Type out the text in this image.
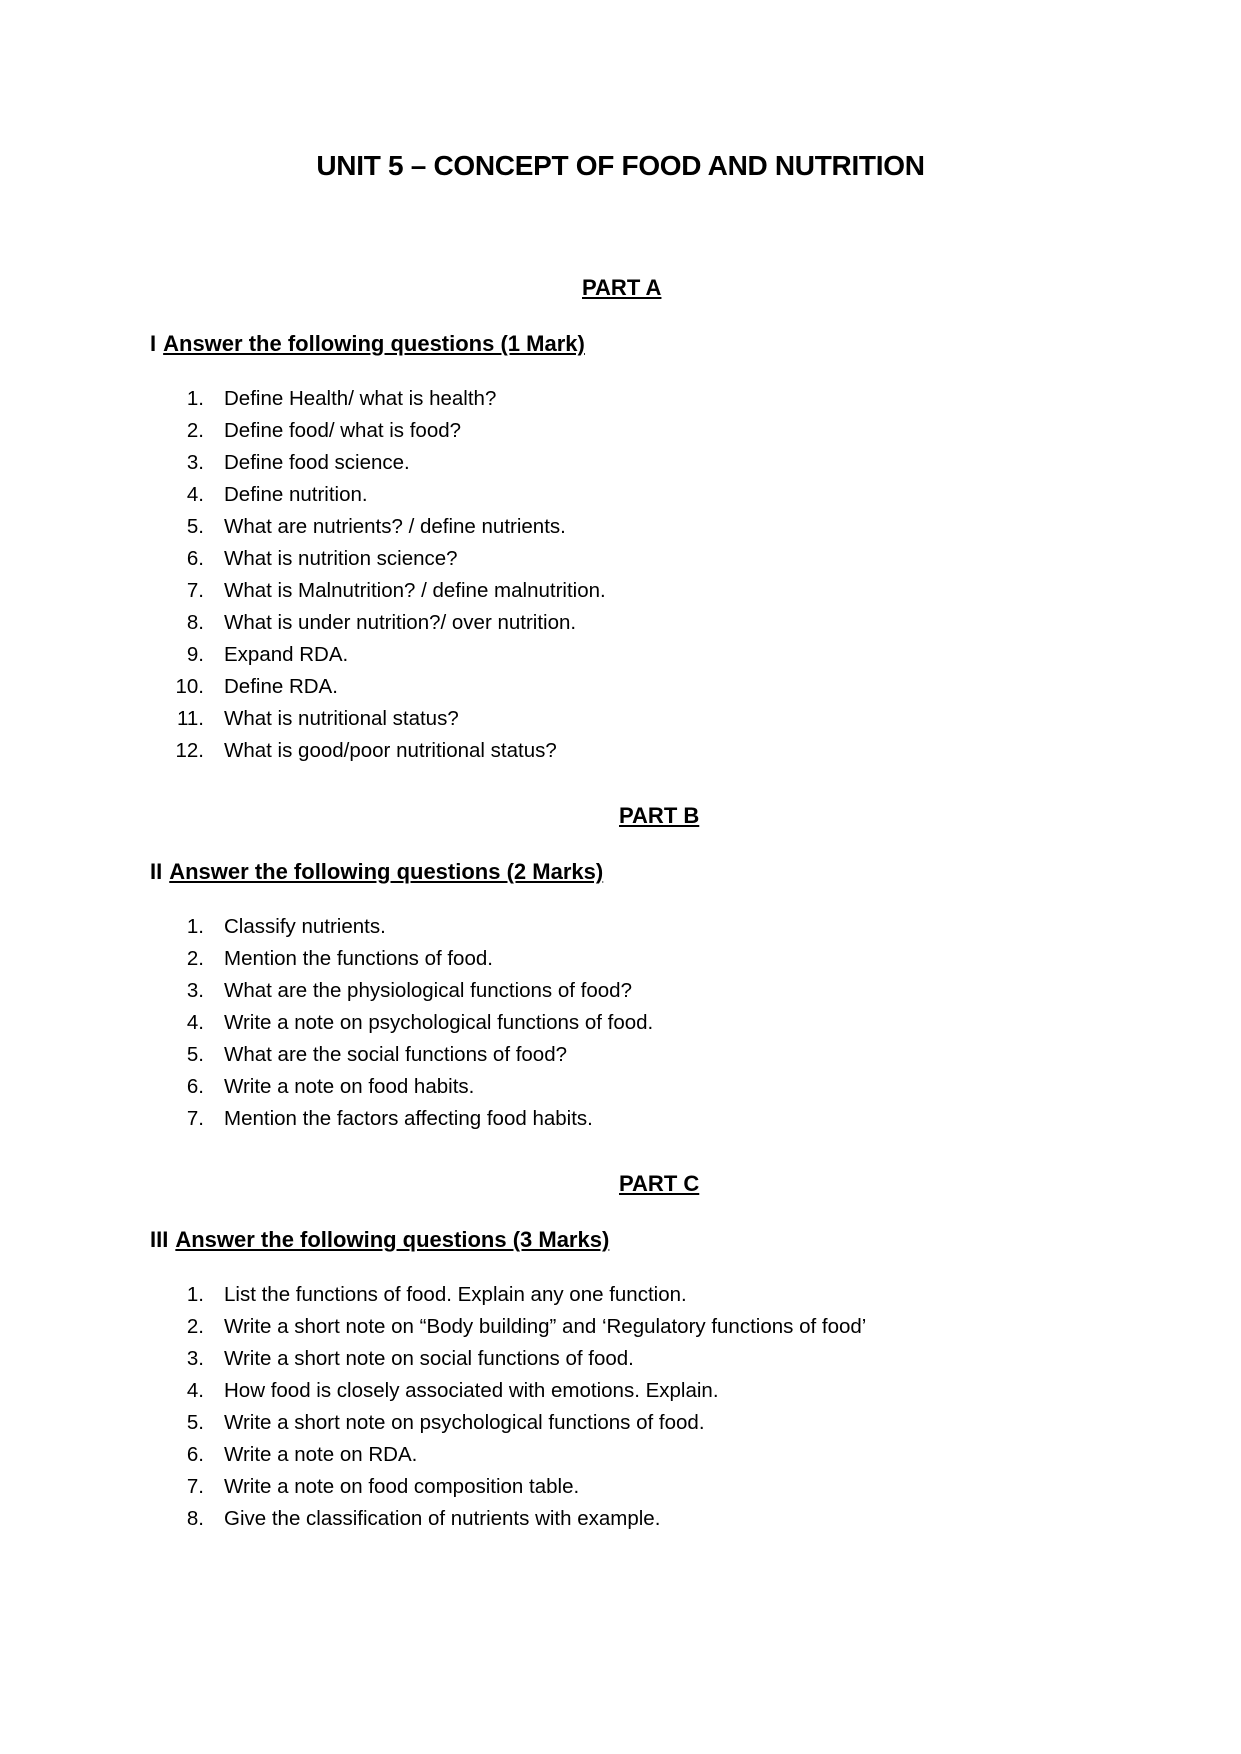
UNIT 5 – CONCEPT OF FOOD AND NUTRITION
PART A
I Answer the following questions (1 Mark)
1. Define Health/ what is health?
2. Define food/ what is food?
3. Define food science.
4. Define nutrition.
5. What are nutrients? / define nutrients.
6. What is nutrition science?
7. What is Malnutrition? / define malnutrition.
8. What is under nutrition?/ over nutrition.
9. Expand RDA.
10. Define RDA.
11. What is nutritional status?
12. What is good/poor nutritional status?
PART B
II Answer the following questions (2 Marks)
1. Classify nutrients.
2. Mention the functions of food.
3. What are the physiological functions of food?
4. Write a note on psychological functions of food.
5. What are the social functions of food?
6. Write a note on food habits.
7. Mention the factors affecting food habits.
PART C
III Answer the following questions (3 Marks)
1. List the functions of food. Explain any one function.
2. Write a short note on “Body building” and ‘Regulatory functions of food’
3. Write a short note on social functions of food.
4. How food is closely associated with emotions. Explain.
5. Write a short note on psychological functions of food.
6. Write a note on RDA.
7. Write a note on food composition table.
8. Give the classification of nutrients with example.
